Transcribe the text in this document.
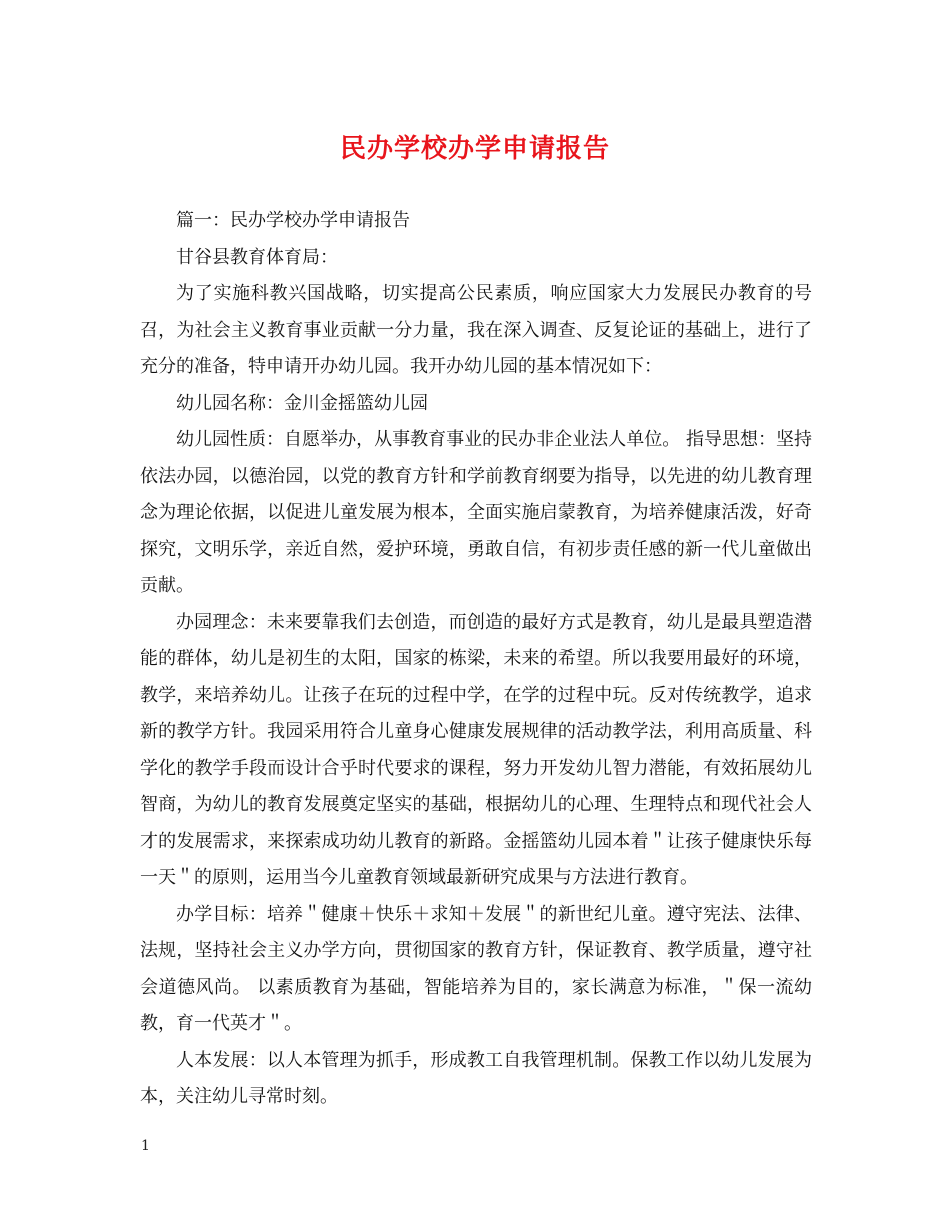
民办学校办学申请报告

篇一：民办学校办学申请报告

甘谷县教育体育局：

为了实施科教兴国战略，切实提高公民素质，响应国家大力发展民办教育的号召，为社会主义教育事业贡献一分力量，我在深入调查、反复论证的基础上，进行了充分的准备，特申请开办幼儿园。我开办幼儿园的基本情况如下：

幼儿园名称：金川金摇篮幼儿园

幼儿园性质：自愿举办，从事教育事业的民办非企业法人单位。 指导思想：坚持依法办园，以德治园，以党的教育方针和学前教育纲要为指导，以先进的幼儿教育理念为理论依据，以促进儿童发展为根本，全面实施启蒙教育，为培养健康活泼，好奇探究，文明乐学，亲近自然，爱护环境，勇敢自信，有初步责任感的新一代儿童做出贡献。

办园理念：未来要靠我们去创造，而创造的最好方式是教育，幼儿是最具塑造潜能的群体，幼儿是初生的太阳，国家的栋梁，未来的希望。所以我要用最好的环境，教学，来培养幼儿。让孩子在玩的过程中学，在学的过程中玩。反对传统教学，追求新的教学方针。我园采用符合儿童身心健康发展规律的活动教学法，利用高质量、科学化的教学手段而设计合乎时代要求的课程，努力开发幼儿智力潜能，有效拓展幼儿智商，为幼儿的教育发展奠定坚实的基础，根据幼儿的心理、生理特点和现代社会人才的发展需求，来探索成功幼儿教育的新路。金摇篮幼儿园本着＂让孩子健康快乐每一天＂的原则，运用当今儿童教育领域最新研究成果与方法进行教育。

办学目标：培养＂健康＋快乐＋求知＋发展＂的新世纪儿童。遵守宪法、法律、法规，坚持社会主义办学方向，贯彻国家的教育方针，保证教育、教学质量，遵守社会道德风尚。 以素质教育为基础，智能培养为目的，家长满意为标准，＂保一流幼教，育一代英才＂。

人本发展：以人本管理为抓手，形成教工自我管理机制。保教工作以幼儿发展为本，关注幼儿寻常时刻。

1
